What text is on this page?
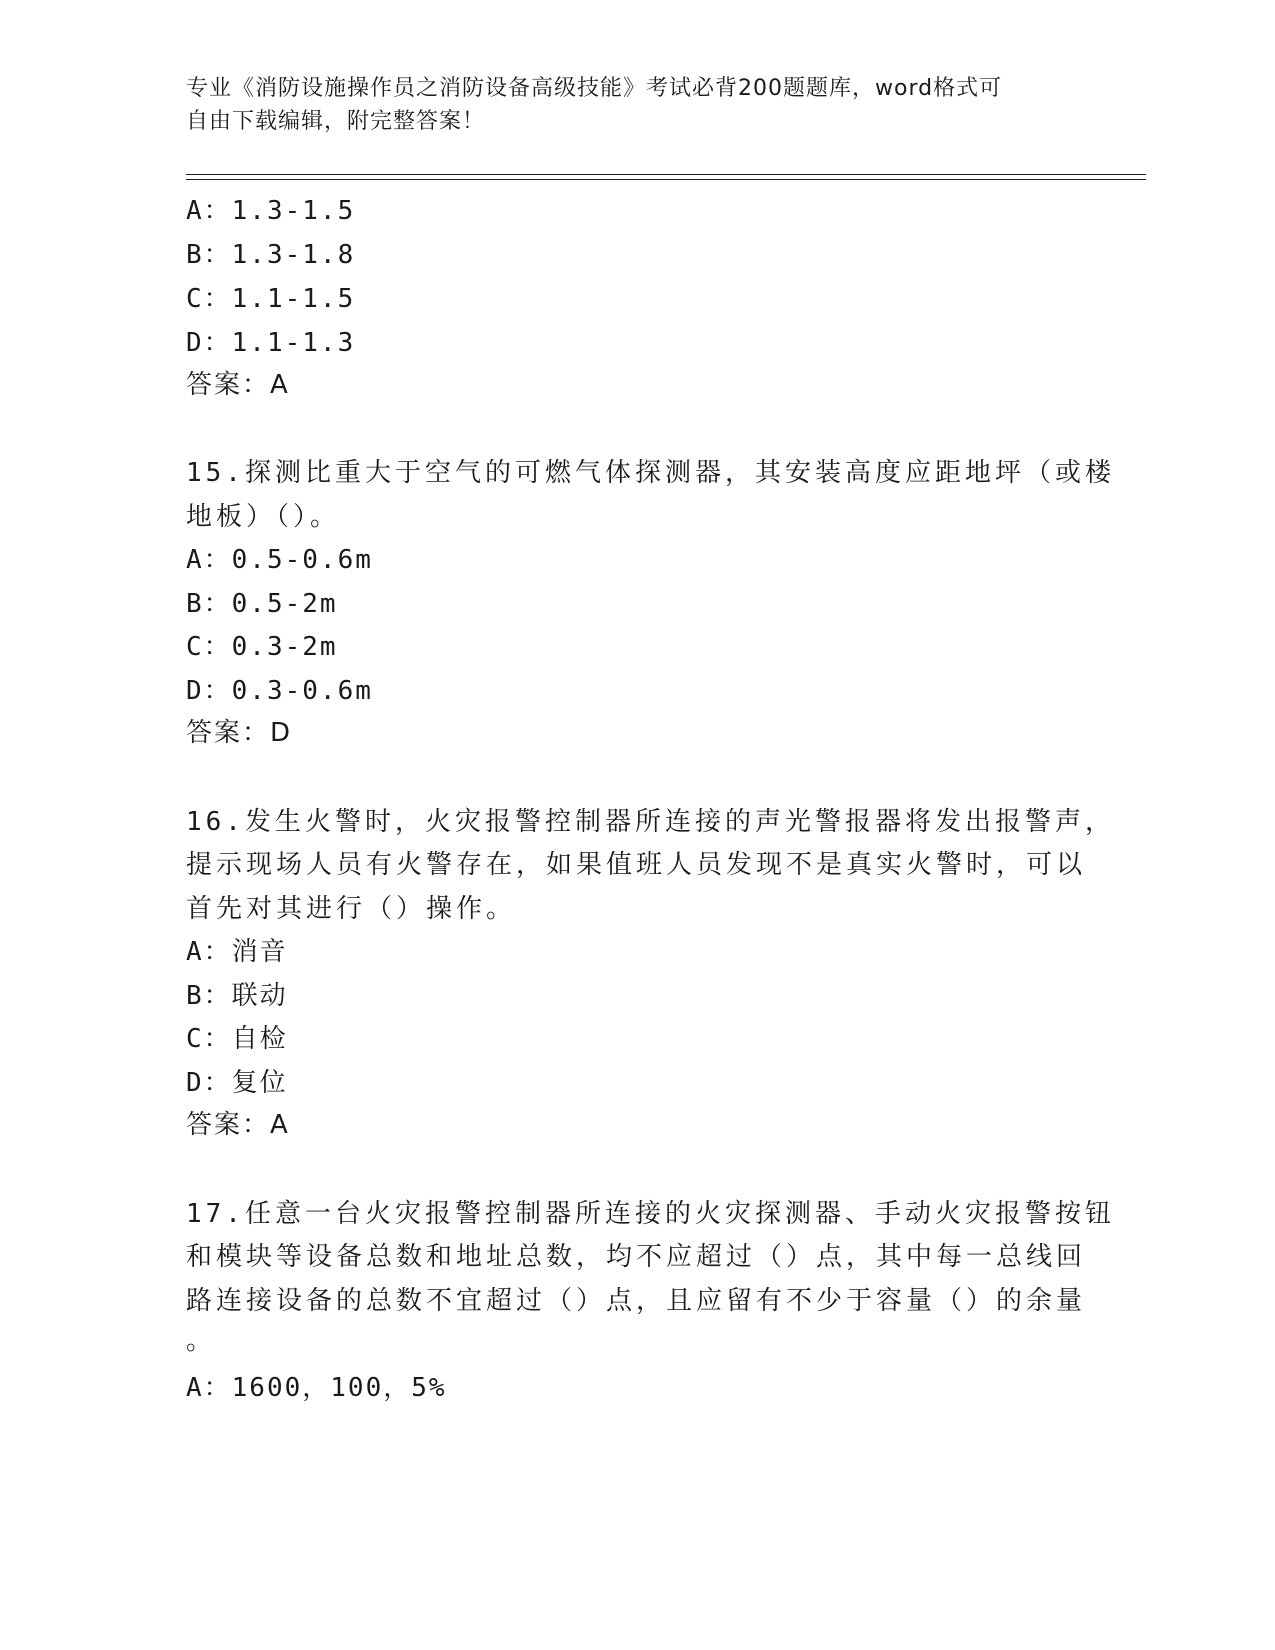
专业《消防设施操作员之消防设备高级技能》考试必背200题题库，word格式可
自由下载编辑，附完整答案！
A：1.3-1.5
B：1.3-1.8
C：1.1-1.5
D：1.1-1.3
答案：A
15.探测比重大于空气的可燃气体探测器，其安装高度应距地坪（或楼
地板）（）。
A：0.5-0.6m
B：0.5-2m
C：0.3-2m
D：0.3-0.6m
答案：D
16.发生火警时，火灾报警控制器所连接的声光警报器将发出报警声，
提示现场人员有火警存在，如果值班人员发现不是真实火警时，可以
首先对其进行（）操作。
A：消音
B：联动
C：自检
D：复位
答案：A
17.任意一台火灾报警控制器所连接的火灾探测器、手动火灾报警按钮
和模块等设备总数和地址总数，均不应超过（）点，其中每一总线回
路连接设备的总数不宜超过（）点，且应留有不少于容量（）的余量
。
A：1600，100，5%
